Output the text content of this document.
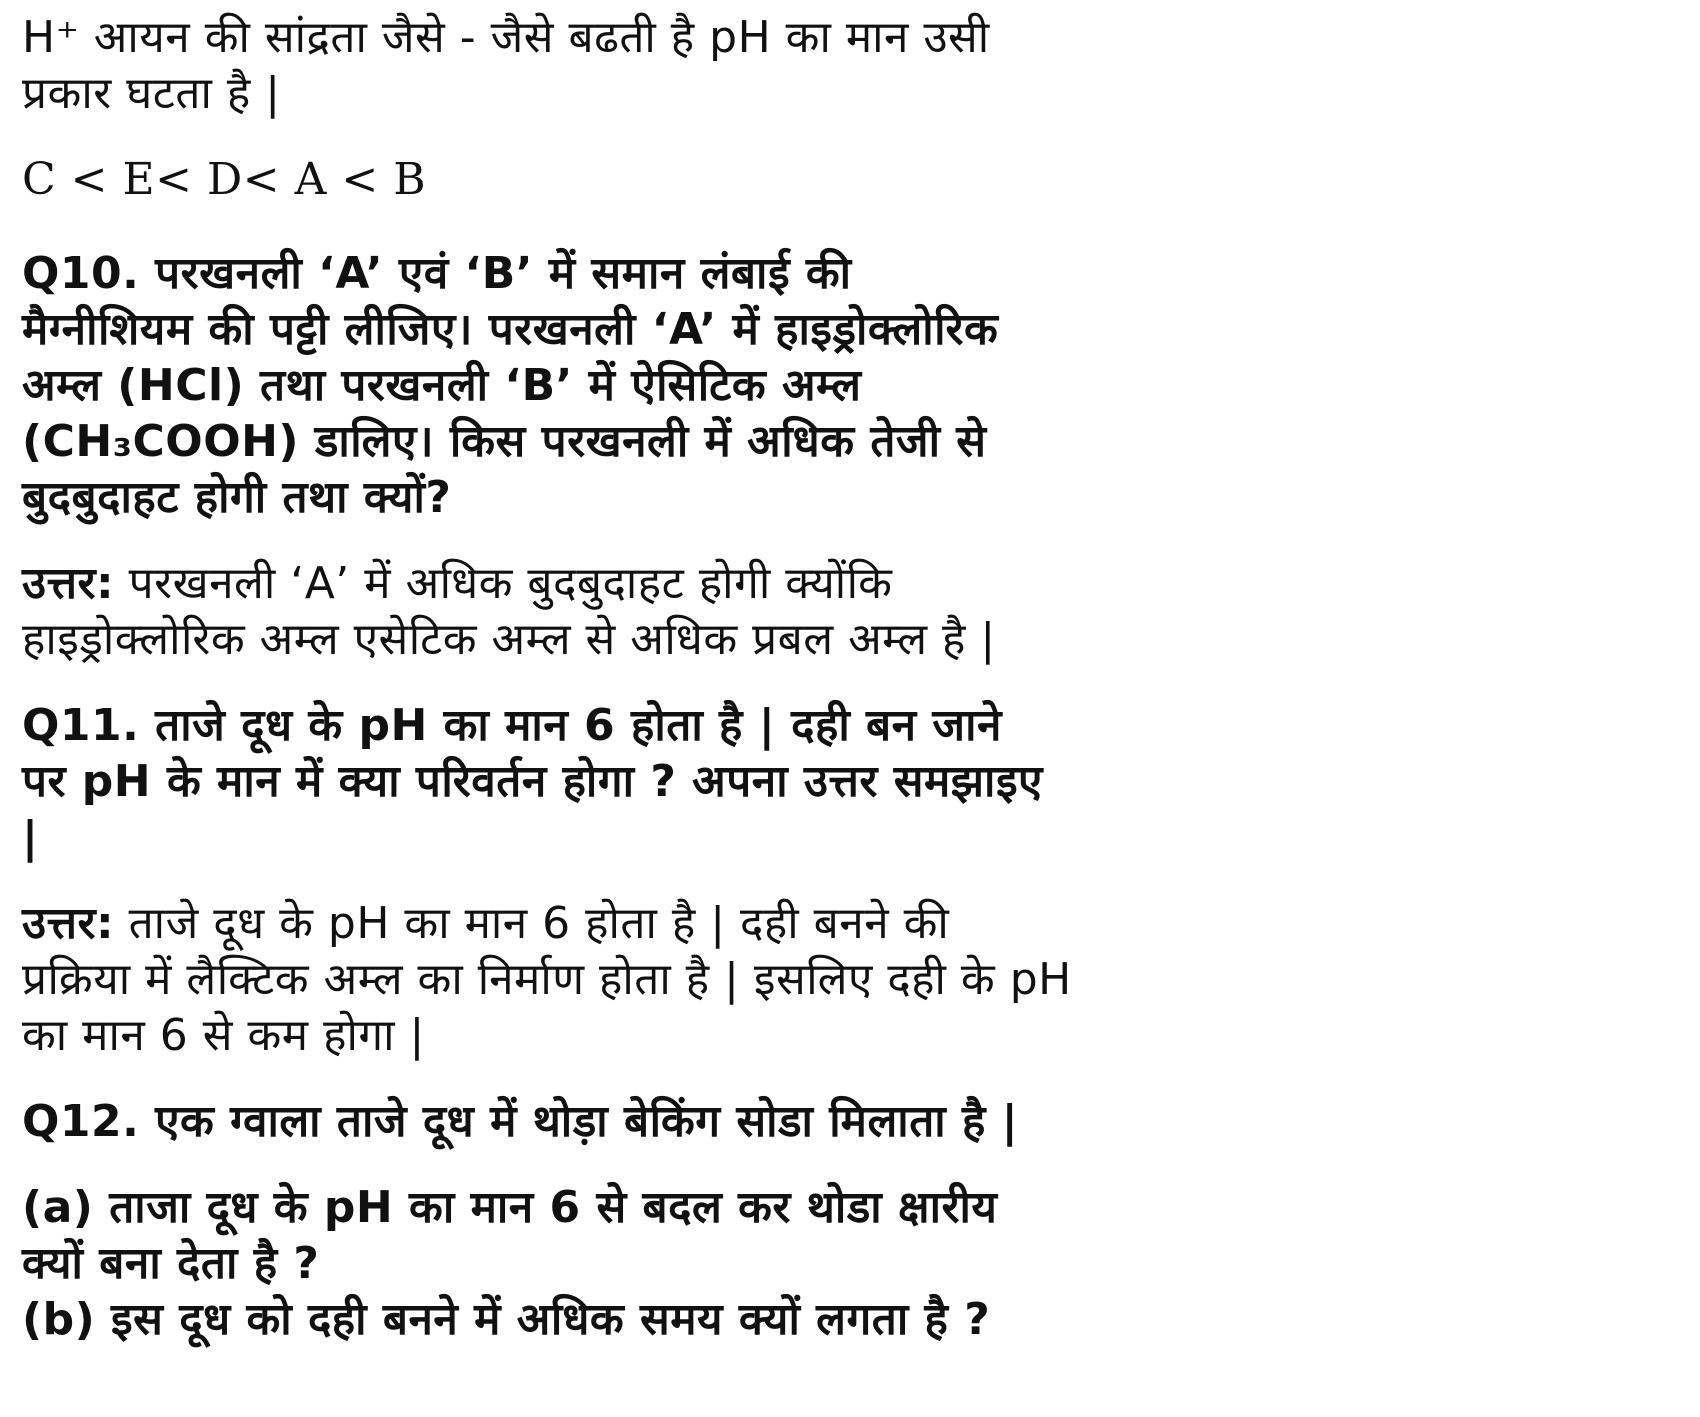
H⁺ आयन की सांद्रता जैसे - जैसे बढती है pH का मान उसी
प्रकार घटता है |
C < E< D< A < B
Q10. परखनली ‘A’ एवं ‘B’ में समान लंबाई की
मैग्नीशियम की पट्टी लीजिए। परखनली ‘A’ में हाइड्रोक्लोरिक
अम्ल (HCl) तथा परखनली ‘B’ में ऐसिटिक अम्ल
(CH₃COOH) डालिए। किस परखनली में अधिक तेजी से
बुदबुदाहट होगी तथा क्यों?
उत्तर: परखनली ‘A’ में अधिक बुदबुदाहट होगी क्योंकि
हाइड्रोक्लोरिक अम्ल एसेटिक अम्ल से अधिक प्रबल अम्ल है |
Q11. ताजे दूध के pH का मान 6 होता है | दही बन जाने
पर pH के मान में क्या परिवर्तन होगा ? अपना उत्तर समझाइए
|
उत्तर: ताजे दूध के pH का मान 6 होता है | दही बनने की
प्रक्रिया में लैक्टिक अम्ल का निर्माण होता है | इसलिए दही के pH
का मान 6 से कम होगा |
Q12. एक ग्वाला ताजे दूध में थोड़ा बेकिंग सोडा मिलाता है |
(a) ताजा दूध के pH का मान 6 से बदल कर थोडा क्षारीय
क्यों बना देता है ?
(b) इस दूध को दही बनने में अधिक समय क्यों लगता है ?
